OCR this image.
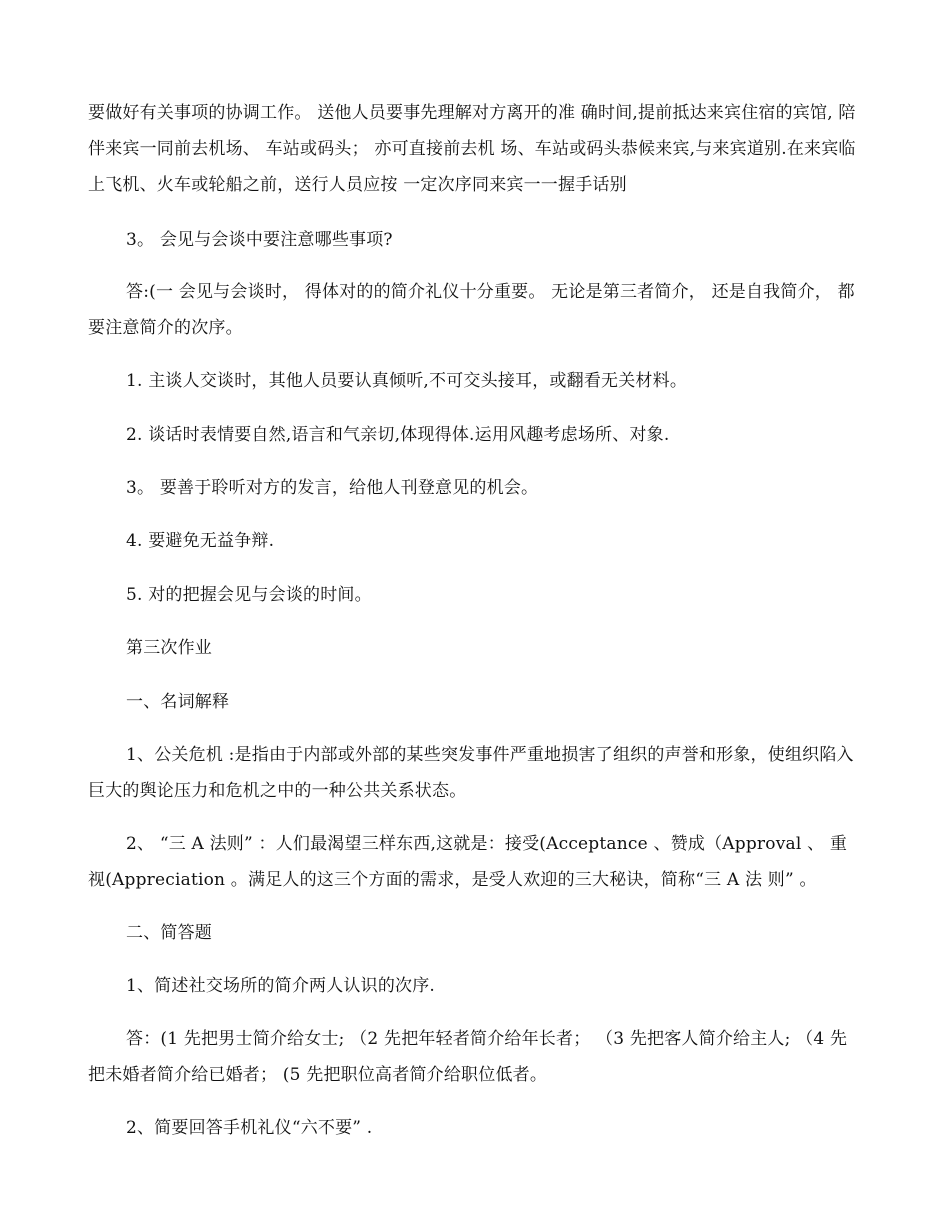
要做好有关事项的协调工作。 送他人员要事先理解对方离开的准 确时间,提前抵达来宾住宿的宾馆, 陪伴来宾一同前去机场、 车站或码头； 亦可直接前去机 场、车站或码头恭候来宾,与来宾道别.在来宾临上飞机、火车或轮船之前，送行人员应按 一定次序同来宾一一握手话别

3。 会见与会谈中要注意哪些事项?

答:(一 会见与会谈时， 得体对的的简介礼仪十分重要。 无论是第三者简介， 还是自我简介， 都要注意简介的次序。

1. 主谈人交谈时，其他人员要认真倾听,不可交头接耳，或翻看无关材料。

2. 谈话时表情要自然,语言和气亲切,体现得体.运用风趣考虑场所、对象.

3。 要善于聆听对方的发言，给他人刊登意见的机会。

4. 要避免无益争辩.

5. 对的把握会见与会谈的时间。

第三次作业

一、名词解释

1、公关危机 :是指由于内部或外部的某些突发事件严重地损害了组织的声誉和形象，使组织陷入巨大的舆论压力和危机之中的一种公共关系状态。

2、 “三 A 法则” ：人们最渴望三样东西,这就是：接受(Acceptance 、赞成（Approval 、 重视(Appreciation 。满足人的这三个方面的需求，是受人欢迎的三大秘诀，简称“三 A 法 则” 。

二、简答题

1、简述社交场所的简介两人认识的次序.

答：(1 先把男士简介给女士; （2 先把年轻者简介给年长者； （3 先把客人简介给主人; （4 先把未婚者简介给已婚者； (5 先把职位高者简介给职位低者。

2、简要回答手机礼仪“六不要” .
